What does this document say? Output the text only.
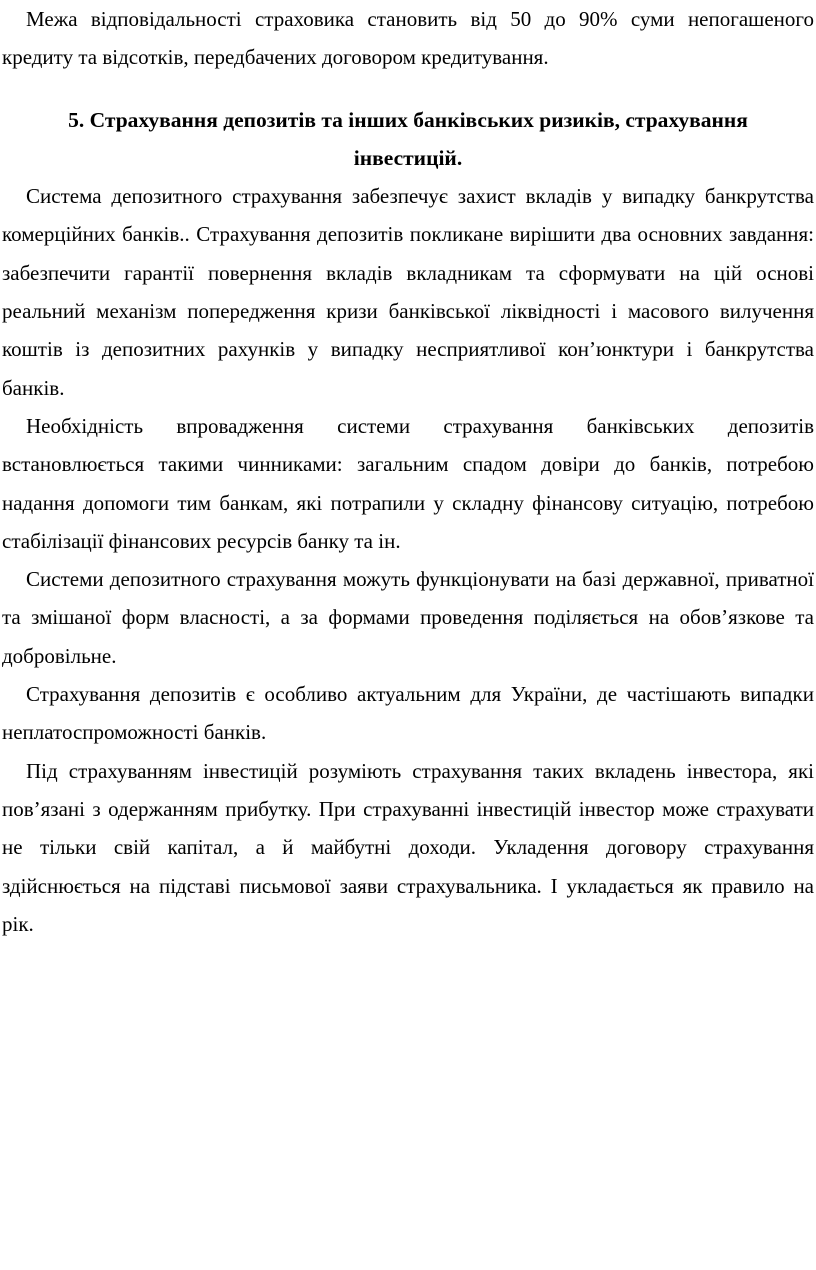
Межа відповідальності страховика становить від 50 до 90% суми непогашеного кредиту та відсотків, передбачених договором кредитування.

5. Страхування депозитів та інших банківських ризиків, страхування інвестицій.

Система депозитного страхування забезпечує захист вкладів у випадку банкрутства комерційних банків.. Страхування депозитів покликане вирішити два основних завдання: забезпечити гарантії повернення вкладів вкладникам та сформувати на цій основі реальний механізм попередження кризи банківської ліквідності і масового вилучення коштів із депозитних рахунків у випадку несприятливої кон’юнктури і банкрутства банків.

Необхідність впровадження системи страхування банківських депозитів встановлюється такими чинниками: загальним спадом довіри до банків, потребою надання допомоги тим банкам, які потрапили у складну фінансову ситуацію, потребою стабілізації фінансових ресурсів банку та ін.

Системи депозитного страхування можуть функціонувати на базі державної, приватної та змішаної форм власності, а за формами проведення поділяється на обов’язкове та добровільне.

Страхування депозитів є особливо актуальним для України, де частішають випадки неплатоспроможності банків.

Під страхуванням інвестицій розуміють страхування таких вкладень інвестора, які пов’язані з одержанням прибутку. При страхуванні інвестицій інвестор може страхувати не тільки свій капітал, а й майбутні доходи. Укладення договору страхування здійснюється на підставі письмової заяви страхувальника. І укладається як правило на рік.
